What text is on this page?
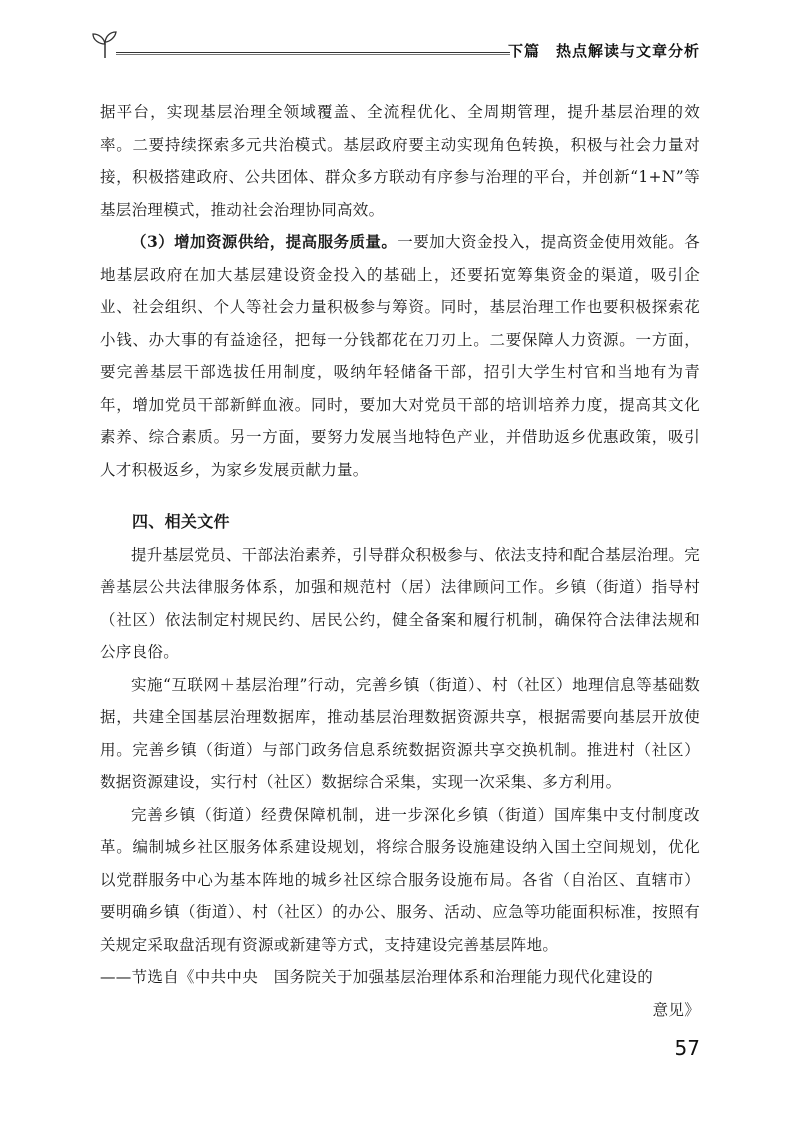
下篇　热点解读与文章分析

据平台，实现基层治理全领域覆盖、全流程优化、全周期管理，提升基层治理的效率。二要持续探索多元共治模式。基层政府要主动实现角色转换，积极与社会力量对接，积极搭建政府、公共团体、群众多方联动有序参与治理的平台，并创新“1+N”等基层治理模式，推动社会治理协同高效。

（3）增加资源供给，提高服务质量。一要加大资金投入，提高资金使用效能。各地基层政府在加大基层建设资金投入的基础上，还要拓宽筹集资金的渠道，吸引企业、社会组织、个人等社会力量积极参与筹资。同时，基层治理工作也要积极探索花小钱、办大事的有益途径，把每一分钱都花在刀刃上。二要保障人力资源。一方面，要完善基层干部选拔任用制度，吸纳年轻储备干部，招引大学生村官和当地有为青年，增加党员干部新鲜血液。同时，要加大对党员干部的培训培养力度，提高其文化素养、综合素质。另一方面，要努力发展当地特色产业，并借助返乡优惠政策，吸引人才积极返乡，为家乡发展贡献力量。

四、相关文件

提升基层党员、干部法治素养，引导群众积极参与、依法支持和配合基层治理。完善基层公共法律服务体系，加强和规范村（居）法律顾问工作。乡镇（街道）指导村（社区）依法制定村规民约、居民公约，健全备案和履行机制，确保符合法律法规和公序良俗。

实施“互联网＋基层治理”行动，完善乡镇（街道）、村（社区）地理信息等基础数据，共建全国基层治理数据库，推动基层治理数据资源共享，根据需要向基层开放使用。完善乡镇（街道）与部门政务信息系统数据资源共享交换机制。推进村（社区）数据资源建设，实行村（社区）数据综合采集，实现一次采集、多方利用。

完善乡镇（街道）经费保障机制，进一步深化乡镇（街道）国库集中支付制度改革。编制城乡社区服务体系建设规划，将综合服务设施建设纳入国土空间规划，优化以党群服务中心为基本阵地的城乡社区综合服务设施布局。各省（自治区、直辖市）要明确乡镇（街道）、村（社区）的办公、服务、活动、应急等功能面积标准，按照有关规定采取盘活现有资源或新建等方式，支持建设完善基层阵地。

——节选自《中共中央　国务院关于加强基层治理体系和治理能力现代化建设的

意见》

57
